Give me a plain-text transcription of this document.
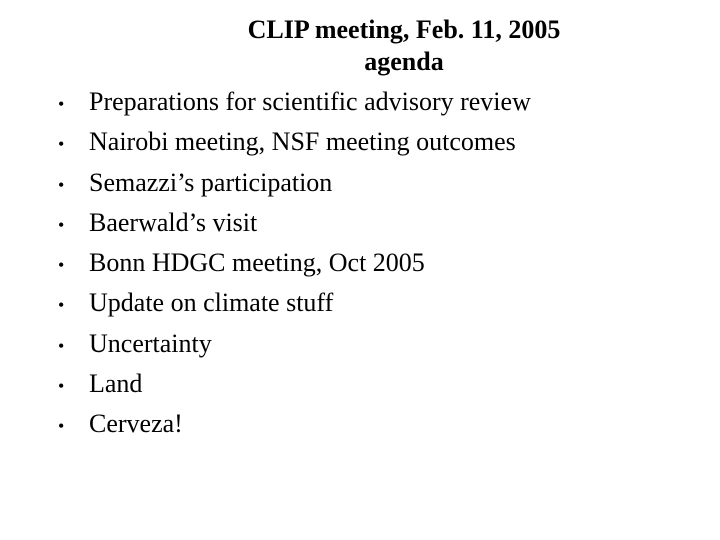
CLIP meeting, Feb. 11, 2005
agenda
• Preparations for scientific advisory review
• Nairobi meeting, NSF meeting outcomes
• Semazzi’s participation
• Baerwald’s visit
• Bonn HDGC meeting, Oct 2005
• Update on climate stuff
• Uncertainty
• Land
• Cerveza!
